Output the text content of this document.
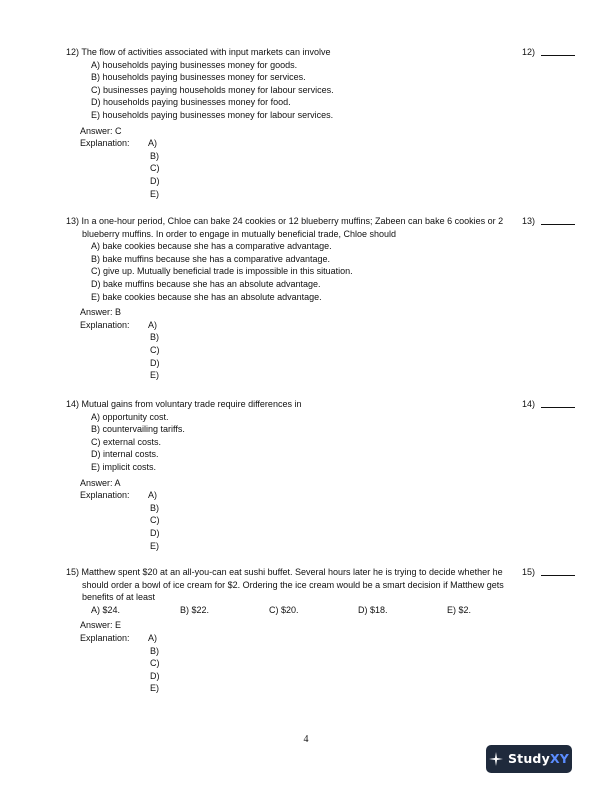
12) The flow of activities associated with input markets can involve	12)
A) households paying businesses money for goods.
B) households paying businesses money for services.
C) businesses paying households money for labour services.
D) households paying businesses money for food.
E) households paying businesses money for labour services.
Answer: C
Explanation:	A)
B)
C)
D)
E)
13) In a one-hour period, Chloe can bake 24 cookies or 12 blueberry muffins; Zabeen can bake 6 cookies or 2 blueberry muffins. In order to engage in mutually beneficial trade, Chloe should
13)
A) bake cookies because she has a comparative advantage.
B) bake muffins because she has a comparative advantage.
C) give up. Mutually beneficial trade is impossible in this situation.
D) bake muffins because she has an absolute advantage.
E) bake cookies because she has an absolute advantage.
Answer: B
Explanation:	A)
B)
C)
D)
E)
14) Mutual gains from voluntary trade require differences in	14)
A) opportunity cost.
B) countervailing tariffs.
C) external costs.
D) internal costs.
E) implicit costs.
Answer: A
Explanation:	A)
B)
C)
D)
E)
15) Matthew spent $20 at an all-you-can eat sushi buffet. Several hours later he is trying to decide whether he should order a bowl of ice cream for $2. Ordering the ice cream would be a smart decision if Matthew gets benefits of at least
15)
A) $24.	B) $22.	C) $20.	D) $18.	E) $2.
Answer: E
Explanation:	A)
B)
C)
D)
E)
4
Study XY
